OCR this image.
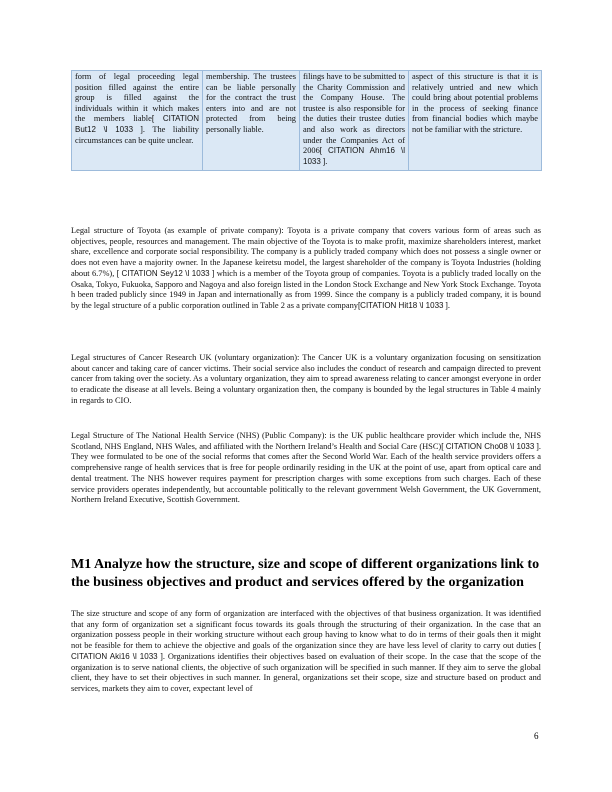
form of legal proceeding legal position filled against the entire group is filled against the individuals within it which makes the members liable[ CITATION But12 \l 1033 ]. The liability circumstances can be quite unclear.	membership. The trustees can be liable personally for the contract the trust enters into and are not protected from being personally liable.	filings have to be submitted to the Charity Commission and the Company House. The trustee is also responsible for the duties their trustee duties and also work as directors under the Companies Act of 2006[ CITATION Ahm16 \l 1033 ].	aspect of this structure is that it is relatively untried and new which could bring about potential problems in the process of seeking finance from financial bodies which maybe not be familiar with the stricture.

Legal structure of Toyota (as example of private company): Toyota is a private company that covers various form of areas such as objectives, people, resources and management. The main objective of the Toyota is to make profit, maximize shareholders interest, market share, excellence and corporate social responsibility. The company is a publicly traded company which does not possess a single owner or does not even have a majority owner. In the Japanese keiretsu model, the largest shareholder of the company is Toyota Industries (holding about 6.7%), [ CITATION Sey12 \l 1033 ] which is a member of the Toyota group of companies. Toyota is a publicly traded locally on the Osaka, Tokyo, Fukuoka, Sapporo and Nagoya and also foreign listed in the London Stock Exchange and New York Stock Exchange. Toyota h been traded publicly since 1949 in Japan and internationally as from 1999. Since the company is a publicly traded company, it is bound by the legal structure of a public corporation outlined in Table 2 as a private company[CITATION Hit18 \l 1033 ].

Legal structures of Cancer Research UK (voluntary organization): The Cancer UK is a voluntary organization focusing on sensitization about cancer and taking care of cancer victims. Their social service also includes the conduct of research and campaign directed to prevent cancer from taking over the society. As a voluntary organization, they aim to spread awareness relating to cancer amongst everyone in order to eradicate the disease at all levels. Being a voluntary organization then, the company is bounded by the legal structures in Table 4 mainly in regards to CIO.

Legal Structure of The National Health Service (NHS) (Public Company): is the UK public healthcare provider which include the, NHS Scotland, NHS England, NHS Wales, and affiliated with the Northern Ireland’s Health and Social Care (HSC)[ CITATION Cho08 \l 1033 ]. They wee formulated to be one of the social reforms that comes after the Second World War. Each of the health service providers offers a comprehensive range of health services that is free for people ordinarily residing in the UK at the point of use, apart from optical care and dental treatment. The NHS however requires payment for prescription charges with some exceptions from such charges. Each of these service providers operates independently, but accountable politically to the relevant government Welsh Government, the UK Government, Northern Ireland Executive, Scottish Government.

M1 Analyze how the structure, size and scope of different organizations link to the business objectives and product and services offered by the organization

The size structure and scope of any form of organization are interfaced with the objectives of that business organization. It was identified that any form of organization set a significant focus towards its goals through the structuring of their organization. In the case that an organization possess people in their working structure without each group having to know what to do in terms of their goals then it might not be feasible for them to achieve the objective and goals of the organization since they are have less level of clarity to carry out duties [ CITATION Aki16 \l 1033 ]. Organizations identifies their objectives based on evaluation of their scope. In the case that the scope of the organization is to serve national clients, the objective of such organization will be specified in such manner. If they aim to serve the global client, they have to set their objectives in such manner. In general, organizations set their scope, size and structure based on product and services, markets they aim to cover, expectant level of

6
